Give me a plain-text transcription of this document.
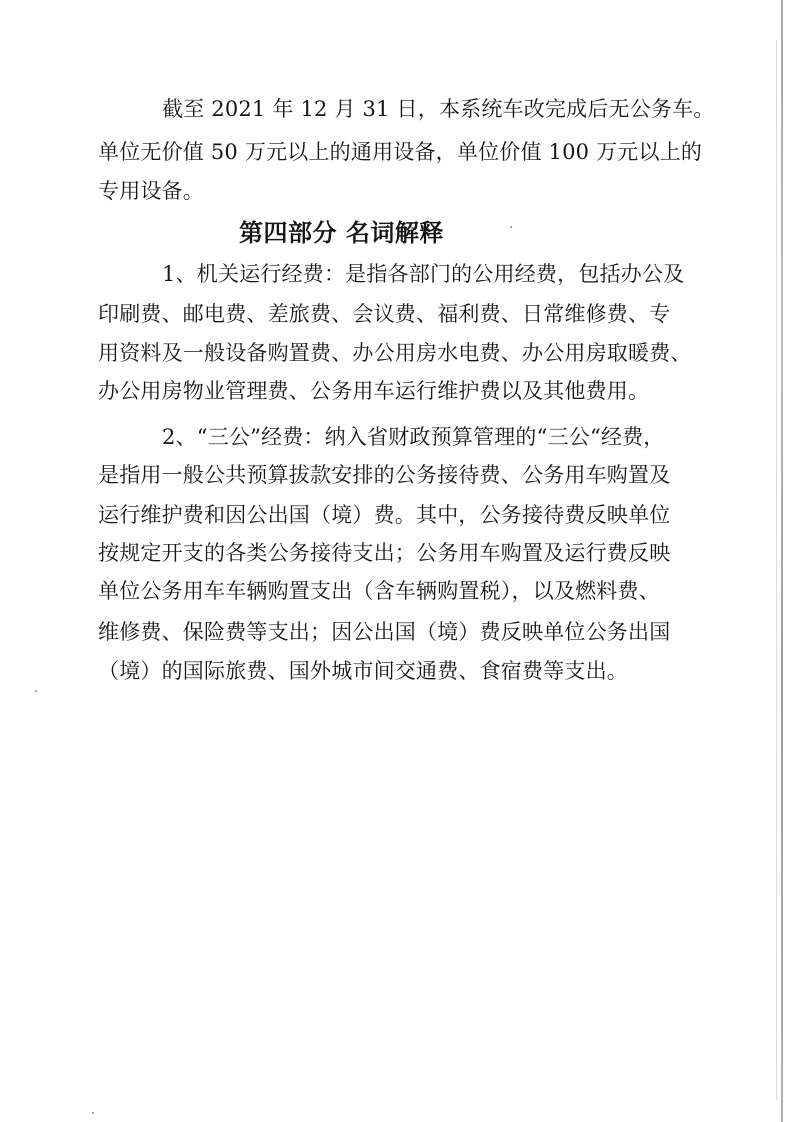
截至 2021 年 12 月 31 日，本系统车改完成后无公务车。
单位无价值 50 万元以上的通用设备，单位价值 100 万元以上的
专用设备。
第四部分 名词解释
1、机关运行经费：是指各部门的公用经费，包括办公及
印刷费、邮电费、差旅费、会议费、福利费、日常维修费、专
用资料及一般设备购置费、办公用房水电费、办公用房取暖费、
办公用房物业管理费、公务用车运行维护费以及其他费用。
2、“三公”经费：纳入省财政预算管理的“三公“经费，
是指用一般公共预算拔款安排的公务接待费、公务用车购置及
运行维护费和因公出国（境）费。其中，公务接待费反映单位
按规定开支的各类公务接待支出；公务用车购置及运行费反映
单位公务用车车辆购置支出（含车辆购置税），以及燃料费、
维修费、保险费等支出；因公出国（境）费反映单位公务出国
（境）的国际旅费、国外城市间交通费、食宿费等支出。
